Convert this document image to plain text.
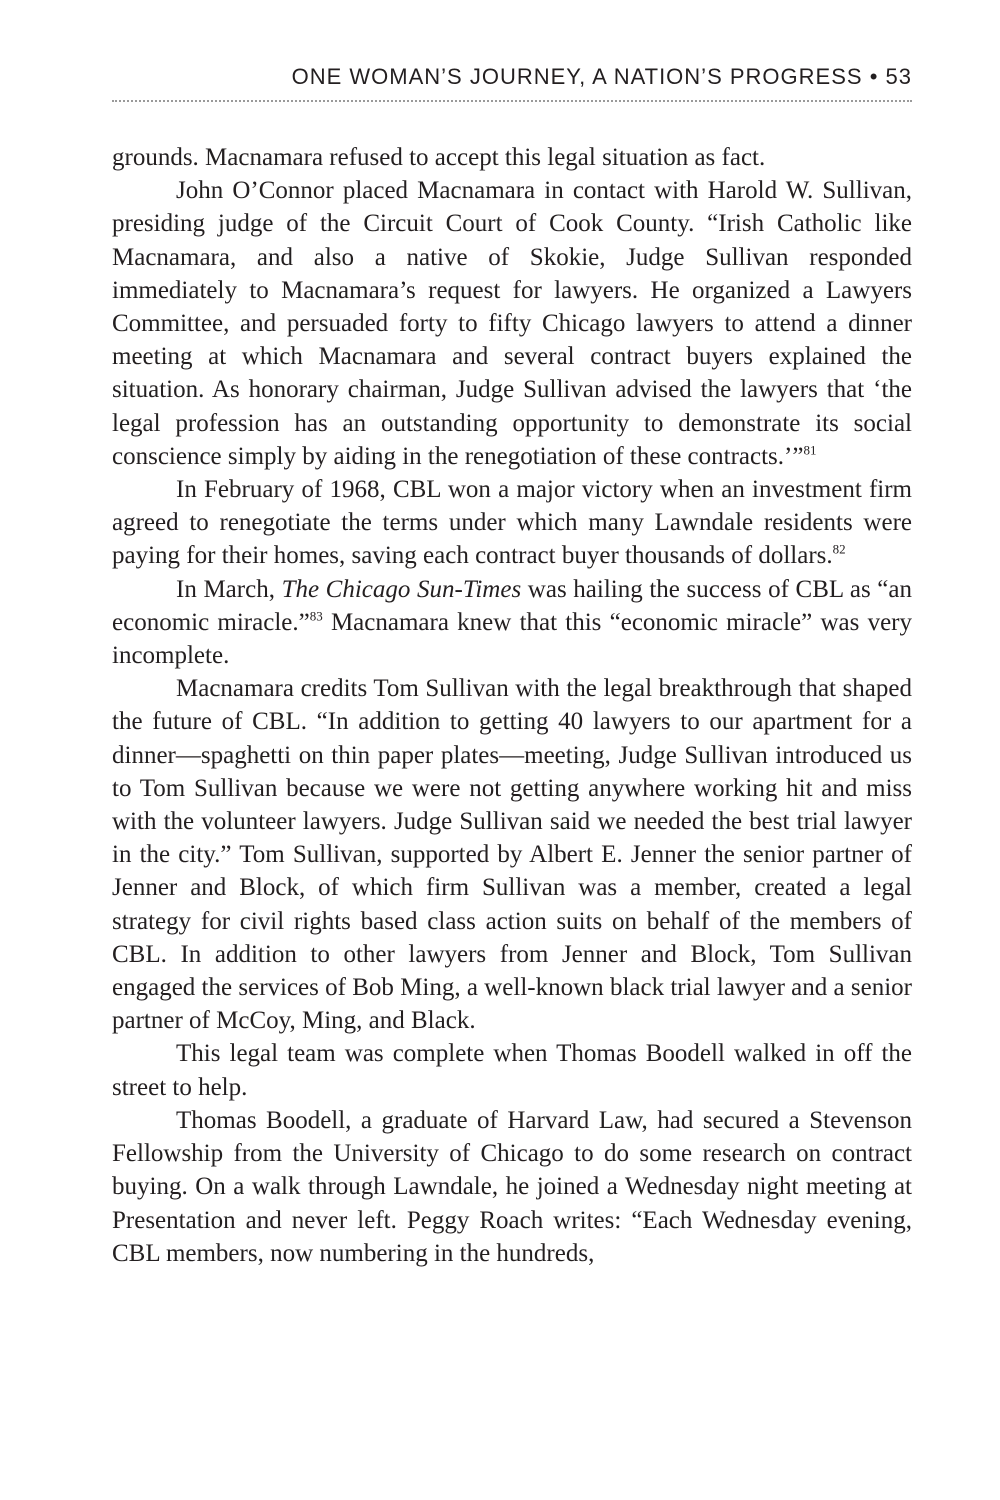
ONE WOMAN’S JOURNEY, A NATION’S PROGRESS • 53

grounds. Macnamara refused to accept this legal situation as fact.

John O’Connor placed Macnamara in contact with Harold W. Sullivan, presiding judge of the Circuit Court of Cook County. “Irish Catholic like Macnamara, and also a native of Skokie, Judge Sullivan responded immediately to Macnamara’s request for lawyers. He organized a Lawyers Committee, and persuaded forty to fifty Chicago lawyers to attend a dinner meeting at which Macnamara and several contract buyers explained the situation. As honorary chairman, Judge Sullivan advised the lawyers that ‘the legal profession has an outstanding opportunity to demonstrate its social conscience simply by aiding in the renegotiation of these contracts.’”$^{81}$

In February of 1968, CBL won a major victory when an investment firm agreed to renegotiate the terms under which many Lawndale residents were paying for their homes, saving each contract buyer thousands of dollars.$^{82}$

In March, The Chicago Sun-Times was hailing the success of CBL as “an economic miracle.”$^{83}$ Macnamara knew that this “economic miracle” was very incomplete.

Macnamara credits Tom Sullivan with the legal breakthrough that shaped the future of CBL. “In addition to getting 40 lawyers to our apartment for a dinner—spaghetti on thin paper plates—meeting, Judge Sullivan introduced us to Tom Sullivan because we were not getting anywhere working hit and miss with the volunteer lawyers. Judge Sullivan said we needed the best trial lawyer in the city.” Tom Sullivan, supported by Albert E. Jenner the senior partner of Jenner and Block, of which firm Sullivan was a member, created a legal strategy for civil rights based class action suits on behalf of the members of CBL. In addition to other lawyers from Jenner and Block, Tom Sullivan engaged the services of Bob Ming, a well-known black trial lawyer and a senior partner of McCoy, Ming, and Black.

This legal team was complete when Thomas Boodell walked in off the street to help.

Thomas Boodell, a graduate of Harvard Law, had secured a Stevenson Fellowship from the University of Chicago to do some research on contract buying. On a walk through Lawndale, he joined a Wednesday night meeting at Presentation and never left. Peggy Roach writes: “Each Wednesday evening, CBL members, now numbering in the hundreds,
